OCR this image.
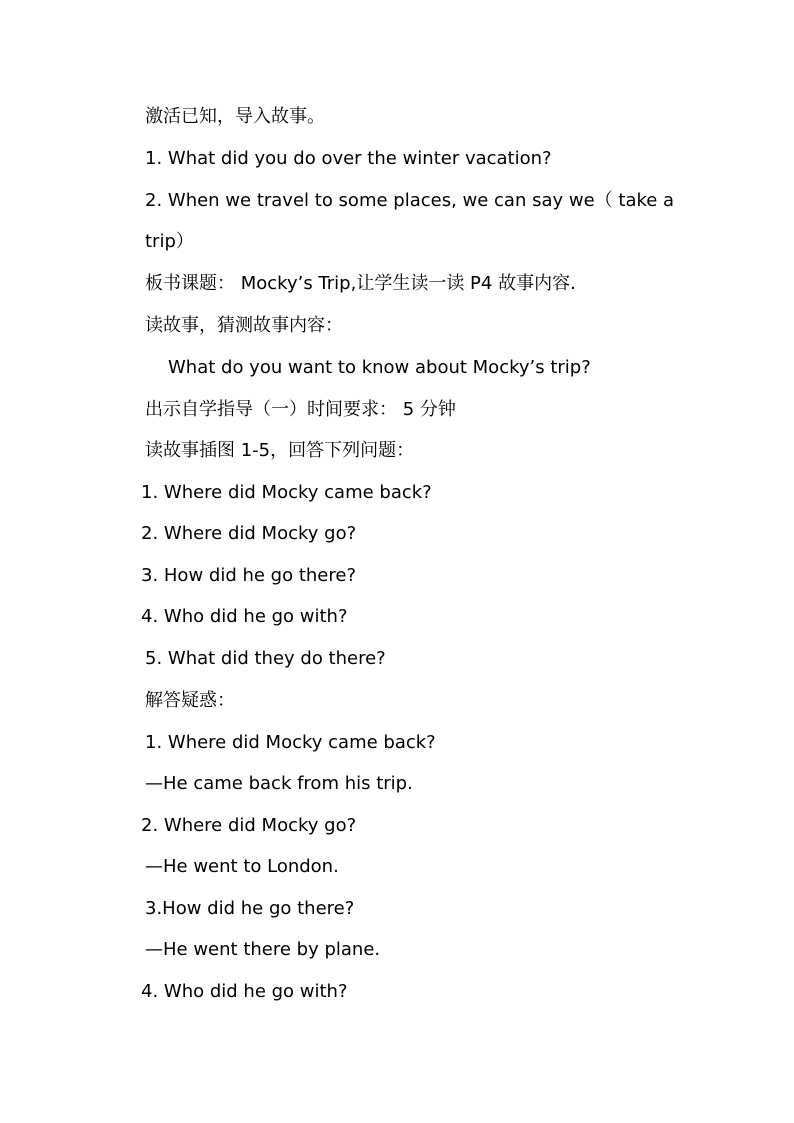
激活已知，导入故事。
1. What did you do over the winter vacation?
2. When we travel to some places, we can say we（ take a
trip）
板书课题： Mocky’s Trip,让学生读一读 P4 故事内容.
读故事，猜测故事内容：
What do you want to know about Mocky’s trip?
出示自学指导（一）时间要求： 5 分钟
读故事插图 1-5，回答下列问题：
1. Where did Mocky came back?
2. Where did Mocky go?
3. How did he go there?
4. Who did he go with?
5. What did they do there?
解答疑惑：
1. Where did Mocky came back?
—He came back from his trip.
2. Where did Mocky go?
—He went to London.
3.How did he go there?
—He went there by plane.
4. Who did he go with?
